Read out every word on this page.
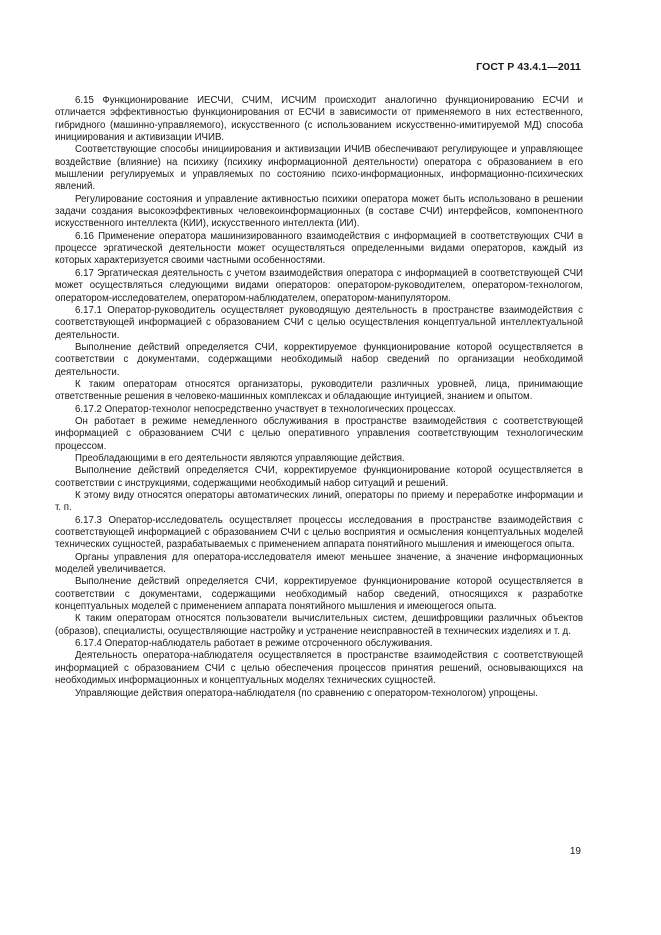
ГОСТ Р 43.4.1—2011

6.15 Функционирование ИЕСЧИ, СЧИМ, ИСЧИМ происходит аналогично функционированию ЕСЧИ и отличается эффективностью функционирования от ЕСЧИ в зависимости от применяемого в них естественного, гибридного (машинно-управляемого), искусственного (с использованием искусственно-имитируемой МД) способа инициирования и активизации ИЧИВ.

Соответствующие способы инициирования и активизации ИЧИВ обеспечивают регулирующее и управляющее воздействие (влияние) на психику (психику информационной деятельности) оператора с образованием в его мышлении регулируемых и управляемых по состоянию психо-информационных, информационно-психических явлений.

Регулирование состояния и управление активностью психики оператора может быть использовано в решении задачи создания высокоэффективных человекоинформационных (в составе СЧИ) интерфейсов, компонентного искусственного интеллекта (КИИ), искусственного интеллекта (ИИ).

6.16 Применение оператора машинизированного взаимодействия с информацией в соответствующих СЧИ в процессе эргатической деятельности может осуществляться определенными видами операторов, каждый из которых характеризуется своими частными особенностями.

6.17 Эргатическая деятельность с учетом взаимодействия оператора с информацией в соответствующей СЧИ может осуществляться следующими видами операторов: оператором-руководителем, оператором-технологом, оператором-исследователем, оператором-наблюдателем, оператором-манипулятором.

6.17.1 Оператор-руководитель осуществляет руководящую деятельность в пространстве взаимодействия с соответствующей информацией с образованием СЧИ с целью осуществления концептуальной интеллектуальной деятельности.

Выполнение действий определяется СЧИ, корректируемое функционирование которой осуществляется в соответствии с документами, содержащими необходимый набор сведений по организации необходимой деятельности.

К таким операторам относятся организаторы, руководители различных уровней, лица, принимающие ответственные решения в человеко-машинных комплексах и обладающие интуицией, знанием и опытом.

6.17.2 Оператор-технолог непосредственно участвует в технологических процессах.

Он работает в режиме немедленного обслуживания в пространстве взаимодействия с соответствующей информацией с образованием СЧИ с целью оперативного управления соответствующим технологическим процессом.

Преобладающими в его деятельности являются управляющие действия.

Выполнение действий определяется СЧИ, корректируемое функционирование которой осуществляется в соответствии с инструкциями, содержащими необходимый набор ситуаций и решений.

К этому виду относятся операторы автоматических линий, операторы по приему и переработке информации и т. п.

6.17.3 Оператор-исследователь осуществляет процессы исследования в пространстве взаимодействия с соответствующей информацией с образованием СЧИ с целью восприятия и осмысления концептуальных моделей технических сущностей, разрабатываемых с применением аппарата понятийного мышления и имеющегося опыта.

Органы управления для оператора-исследователя имеют меньшее значение, а значение информационных моделей увеличивается.

Выполнение действий определяется СЧИ, корректируемое функционирование которой осуществляется в соответствии с документами, содержащими необходимый набор сведений, относящихся к разработке концептуальных моделей с применением аппарата понятийного мышления и имеющегося опыта.

К таким операторам относятся пользователи вычислительных систем, дешифровщики различных объектов (образов), специалисты, осуществляющие настройку и устранение неисправностей в технических изделиях и т. д.

6.17.4 Оператор-наблюдатель работает в режиме отсроченного обслуживания.

Деятельность оператора-наблюдателя осуществляется в пространстве взаимодействия с соответствующей информацией с образованием СЧИ с целью обеспечения процессов принятия решений, основывающихся на необходимых информационных и концептуальных моделях технических сущностей.

Управляющие действия оператора-наблюдателя (по сравнению с оператором-технологом) упрощены.

19
